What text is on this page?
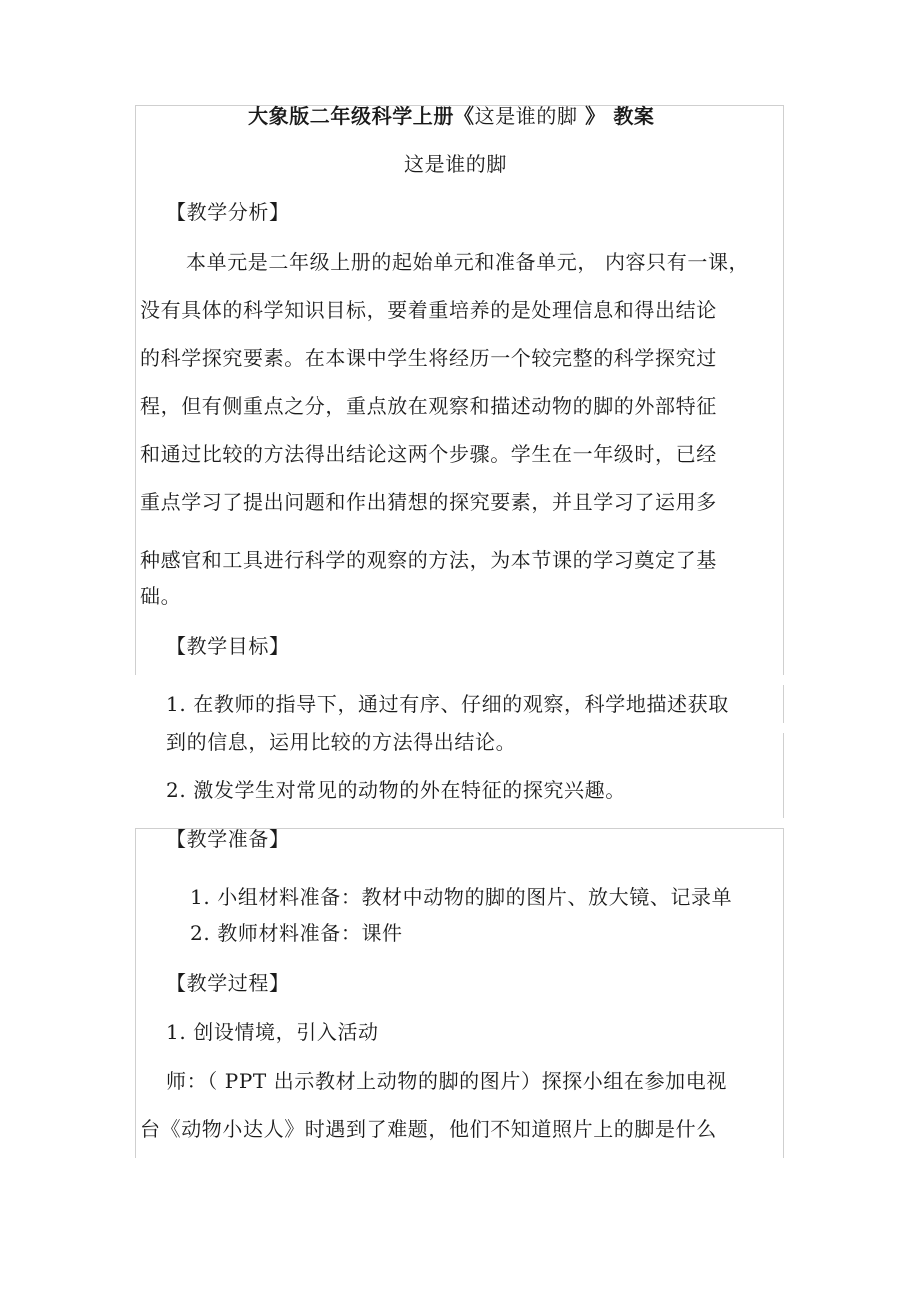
大象版二年级科学上册《这是谁的脚 》 教案
这是谁的脚
【教学分析】
本单元是二年级上册的起始单元和准备单元， 内容只有一课，
没有具体的科学知识目标，要着重培养的是处理信息和得出结论
的科学探究要素。在本课中学生将经历一个较完整的科学探究过
程，但有侧重点之分，重点放在观察和描述动物的脚的外部特征
和通过比较的方法得出结论这两个步骤。学生在一年级时，已经
重点学习了提出问题和作出猜想的探究要素，并且学习了运用多
种感官和工具进行科学的观察的方法，为本节课的学习奠定了基
础。
【教学目标】
1. 在教师的指导下，通过有序、仔细的观察，科学地描述获取
到的信息，运用比较的方法得出结论。
2. 激发学生对常见的动物的外在特征的探究兴趣。
【教学准备】
1. 小组材料准备：教材中动物的脚的图片、放大镜、记录单
2. 教师材料准备：课件
【教学过程】
1. 创设情境，引入活动
师：（ PPT 出示教材上动物的脚的图片）探探小组在参加电视
台《动物小达人》时遇到了难题，他们不知道照片上的脚是什么
